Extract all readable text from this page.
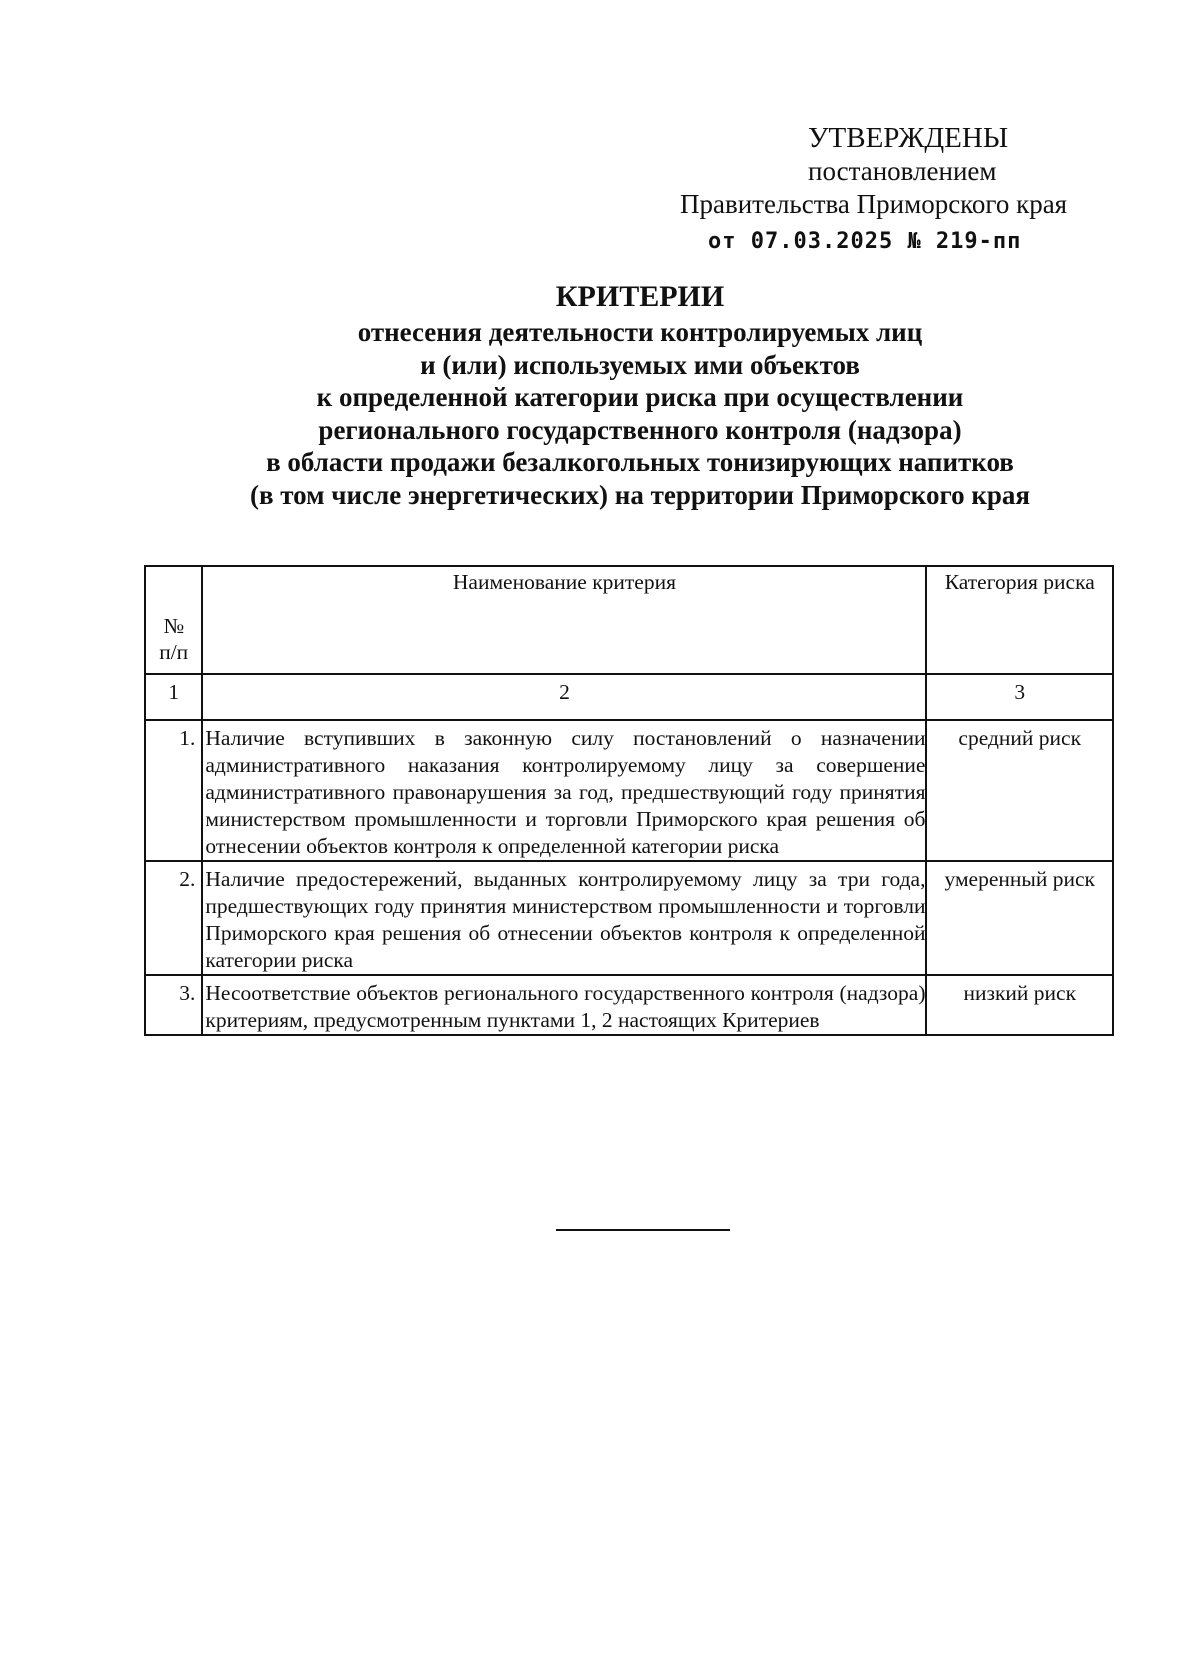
УТВЕРЖДЕНЫ
постановлением
Правительства Приморского края
от 07.03.2025 № 219-пп
КРИТЕРИИ
отнесения деятельности контролируемых лиц
и (или) используемых ими объектов
к определенной категории риска при осуществлении
регионального государственного контроля (надзора)
в области продажи безалкогольных тонизирующих напитков
(в том числе энергетических) на территории Приморского края
№
п/п	Наименование критерия	Категория риска
1	2	3
1.	Наличие вступивших в законную силу постановлений о назначении административного наказания контролируемому лицу за совершение административного правонарушения за год, предшествующий году принятия министерством промышленности и торговли Приморского края решения об отнесении объектов контроля к определенной категории риска	средний риск
2.	Наличие предостережений, выданных контролируемому лицу за три года, предшествующих году принятия министерством промышленности и торговли Приморского края решения об отнесении объектов контроля к определенной категории риска	умеренный риск
3.	Несоответствие объектов регионального государственного контроля (надзора) критериям, предусмотренным пунктами 1, 2 настоящих Критериев	низкий риск
